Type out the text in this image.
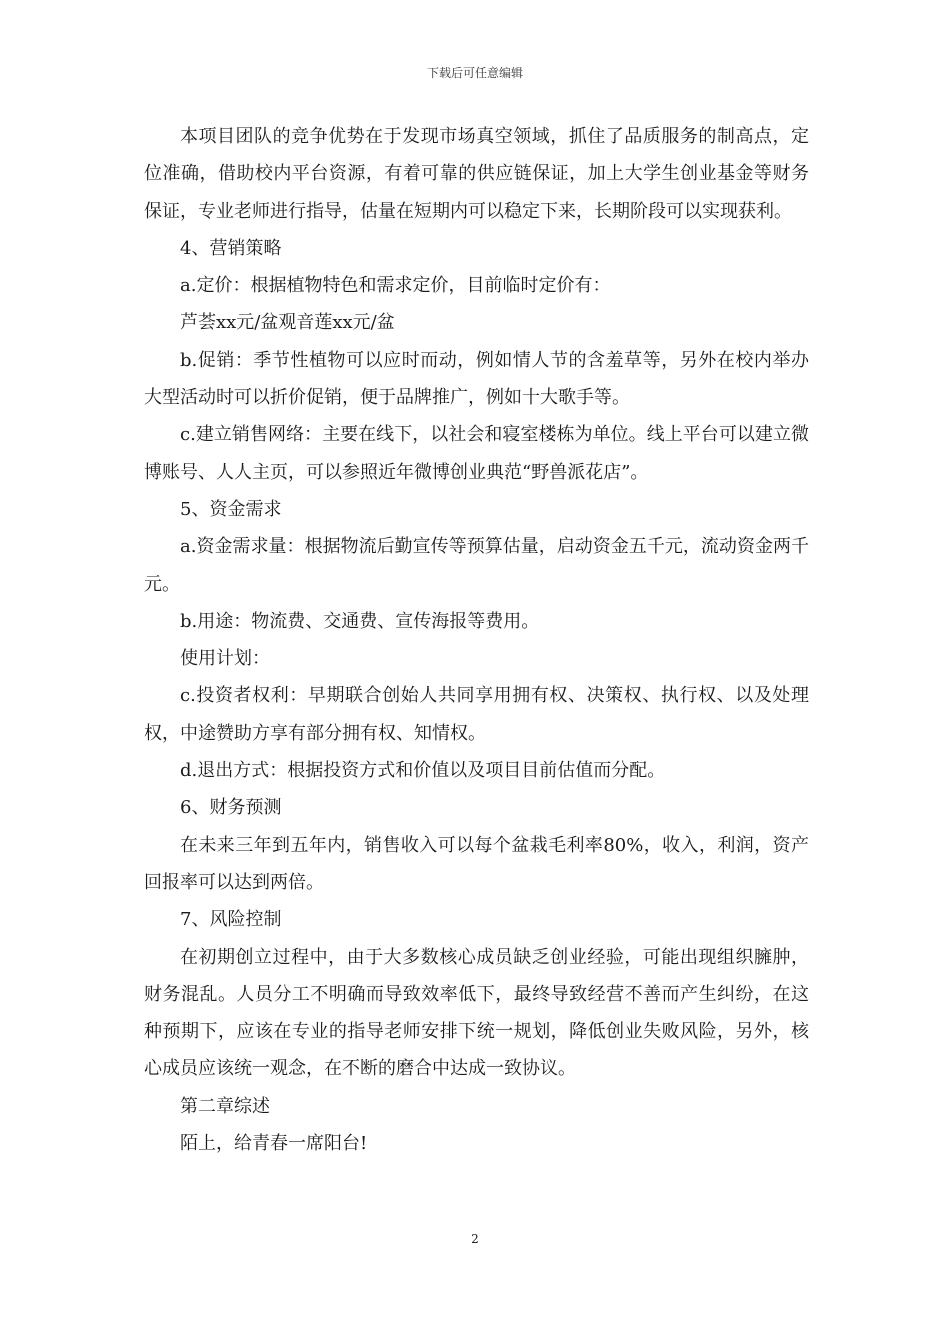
下载后可任意编辑

本项目团队的竞争优势在于发现市场真空领域，抓住了品质服务的制高点，定位准确，借助校内平台资源，有着可靠的供应链保证，加上大学生创业基金等财务保证，专业老师进行指导，估量在短期内可以稳定下来，长期阶段可以实现获利。

4、营销策略

a.定价：根据植物特色和需求定价，目前临时定价有：

芦荟xx元/盆观音莲xx元/盆

b.促销：季节性植物可以应时而动，例如情人节的含羞草等，另外在校内举办大型活动时可以折价促销，便于品牌推广，例如十大歌手等。

c.建立销售网络：主要在线下，以社会和寝室楼栋为单位。线上平台可以建立微博账号、人人主页，可以参照近年微博创业典范“野兽派花店”。

5、资金需求

a.资金需求量：根据物流后勤宣传等预算估量，启动资金五千元，流动资金两千元。

b.用途：物流费、交通费、宣传海报等费用。

使用计划：

c.投资者权利：早期联合创始人共同享用拥有权、决策权、执行权、以及处理权，中途赞助方享有部分拥有权、知情权。

d.退出方式：根据投资方式和价值以及项目目前估值而分配。

6、财务预测

在未来三年到五年内，销售收入可以每个盆栽毛利率80%，收入，利润，资产回报率可以达到两倍。

7、风险控制

在初期创立过程中，由于大多数核心成员缺乏创业经验，可能出现组织臃肿，财务混乱。人员分工不明确而导致效率低下，最终导致经营不善而产生纠纷，在这种预期下，应该在专业的指导老师安排下统一规划，降低创业失败风险，另外，核心成员应该统一观念，在不断的磨合中达成一致协议。

第二章综述

陌上，给青春一席阳台!

2
